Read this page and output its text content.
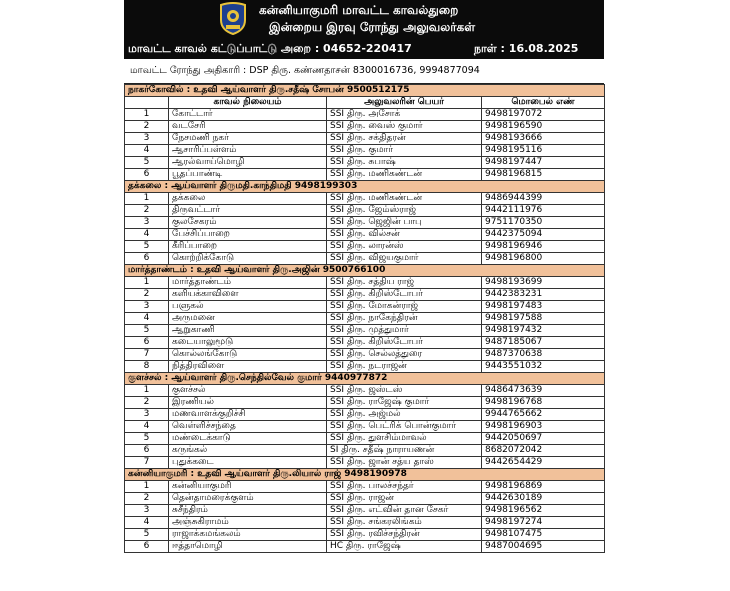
கன்னியாகுமரி மாவட்ட காவல்துறை
இன்றைய இரவு ரோந்து அலுவலர்கள்
மாவட்ட காவல் கட்டுப்பாட்டு அறை : 04652-220417	நாள் : 16.08.2025
மாவட்ட ரோந்து அதிகாரி : DSP திரு. கண்ணதாசன் 8300016736, 9994877094
நாகர்கோவில் : உதவி ஆய்வாளர் திரு.சதீஷ் சோபன் 9500512175			
	காவல் நிலையம்	அலுவலரின் பெயர்	மொபைல் எண்
1	கோட்டார்	SSI திரு. அசோக்	9498197072
2	வடசேரி	SSI திரு. வைஸ் குமார்	9498196590
3	நேசமணி நகர்	SSI திரு. சக்திதரன்	9498193666
4	ஆசாரிப்பள்ளம்	SSI திரு. குமார்	9498195116
5	ஆரல்வாய்மொழி	SSI திரு. சுபாஷ்	9498197447
6	பூதப்பாண்டி	SSI திரு. மணிகண்டன்	9498196815
தக்கலை : ஆய்வாளர் திருமதி.காந்திமதி 9498199303			
1	தக்கலை	SSI திரு. மணிகண்டன்	9486944399
2	திருவட்டார்	SSI திரு. ஜேம்ஸ்ராஜ்	9442111976
3	குலசேகரம்	SSI திரு. ஜெஜின் பாபு	9751170350
4	பேச்சிப்பாறை	SSI திரு. வில்சன்	9442375094
5	கீரிப்பாறை	SSI திரு. லாரன்ஸ்	9498196946
6	கொற்றிக்கோடு	SSI திரு. விஜயகுமார்	9498196800
மார்த்தாண்டம் : உதவி ஆய்வாளர் திரு.அஜின் 9500766100			
1	மார்த்தாண்டம்	SSI திரு. சத்திய ராஜ்	9498193699
2	களியக்காவிளை	SSI திரு. கிறிஸ்டோபர்	9442383231
3	பளுகல்	SSI திரு. மோகன்ராஜ்	9498197483
4	அருமனை	SSI திரு. நாகேந்திரன்	9498197588
5	ஆறுகாணி	SSI திரு. முத்துமார்	9498197432
6	கடையாலுமூடு	SSI திரு. கிறிஸ்டோபர்	9487185067
7	கொல்லங்கோடு	SSI திரு. செல்லத்துரை	9487370638
8	நித்திரவிளை	SSI திரு. நடராஜன்	9443551032
குளச்சல் : ஆய்வாளர் திரு.செந்தில்வேல் குமார் 9440977872			
1	குளச்சல்	SSI திரு. ஜஸ்டஸ்	9486473639
2	இரணியல்	SSI திரு. ராஜேஷ் குமார்	9498196768
3	மணவாளக்குறிச்சி	SSI திரு. அஜ்மல்	9944765662
4	வெள்ளிச்சந்தை	SSI திரு. பெட்ரிக் பொன்குமார்	9498196903
5	மண்டைக்காடு	SSI திரு. துளசிம்மாவல்	9442050697
6	கருங்கல்	SI திரு. சதீஷ் நாராயணன்	8682072042
7	புதுக்கடை	SSI திரு. ஜான் சத்ய தாஸ்	9442654429
கன்னியாகுமரி : உதவி ஆய்வாளர் திரு.லியால் ராஜ் 9498190978			
1	கன்னியாகுமரி	SSI திரு. பாலச்சந்தர்	9498196869
2	தென்தாமரைக்குளம்	SSI திரு. ராஜன்	9442630189
3	சுசீந்திரம்	SSI திரு. எட்வின் தான சேகர்	9498196562
4	அஞ்சுகிராமம்	SSI திரு. சங்கரலிங்கம்	9498197274
5	ராஜாக்கமங்கலம்	SSI திரு. ரவிச்சந்திரன்	9498107475
6	ஈத்தாமொழி	HC திரு. ராஜேஷ்	9487004695
